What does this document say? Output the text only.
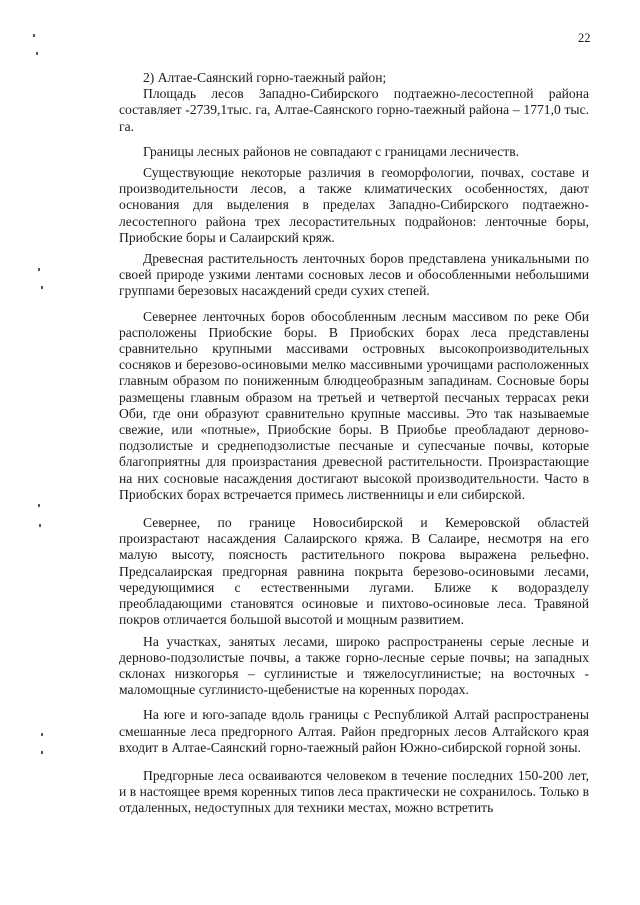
22

2) Алтае-Саянский горно-таежный район;

Площадь лесов Западно-Сибирского подтаежно-лесостепной района составляет -2739,1тыс. га, Алтае-Саянского горно-таежный района – 1771,0 тыс. га.

Границы лесных районов не совпадают с границами лесничеств.

Существующие некоторые различия в геоморфологии, почвах, составе и производительности лесов, а также климатических особенностях, дают основания для выделения в пределах Западно-Сибирского подтаежно-лесостепного района трех лесорастительных подрайонов: ленточные боры, Приобские боры и Салаирский кряж.

Древесная растительность ленточных боров представлена уникальными по своей природе узкими лентами сосновых лесов и обособленными небольшими группами березовых насаждений среди сухих степей.

Севернее ленточных боров обособленным лесным массивом по реке Оби расположены Приобские боры. В Приобских борах леса представлены сравнительно крупными массивами островных высокопроизводительных сосняков и березово-осиновыми мелко массивными урочищами расположенных главным образом по пониженным блюдцеобразным западинам. Сосновые боры размещены главным образом на третьей и четвертой песчаных террасах реки Оби, где они образуют сравнительно крупные массивы. Это так называемые свежие, или «потные», Приобские боры. В Приобье преобладают дерново-подзолистые и среднеподзолистые песчаные и супесчаные почвы, которые благоприятны для произрастания древесной растительности. Произрастающие на них сосновые насаждения достигают высокой производительности. Часто в Приобских борах встречается примесь лиственницы и ели сибирской.

Севернее, по границе Новосибирской и Кемеровской областей произрастают насаждения Салаирского кряжа. В Салаире, несмотря на его малую высоту, поясность растительного покрова выражена рельефно. Предсалаирская предгорная равнина покрыта березово-осиновыми лесами, чередующимися с естественными лугами. Ближе к водоразделу преобладающими становятся осиновые и пихтово-осиновые леса. Травяной покров отличается большой высотой и мощным развитием.

На участках, занятых лесами, широко распространены серые лесные и дерново-подзолистые почвы, а также горно-лесные серые почвы; на западных склонах низкогорья – суглинистые и тяжелосуглинистые; на восточных - маломощные суглинисто-щебенистые на коренных породах.

На юге и юго-западе вдоль границы с Республикой Алтай распространены смешанные леса предгорного Алтая. Район предгорных лесов Алтайского края входит в Алтае-Саянский горно-таежный район Южно-сибирской горной зоны.

Предгорные леса осваиваются человеком в течение последних 150-200 лет, и в настоящее время коренных типов леса практически не сохранилось. Только в отдаленных, недоступных для техники местах, можно встретить
